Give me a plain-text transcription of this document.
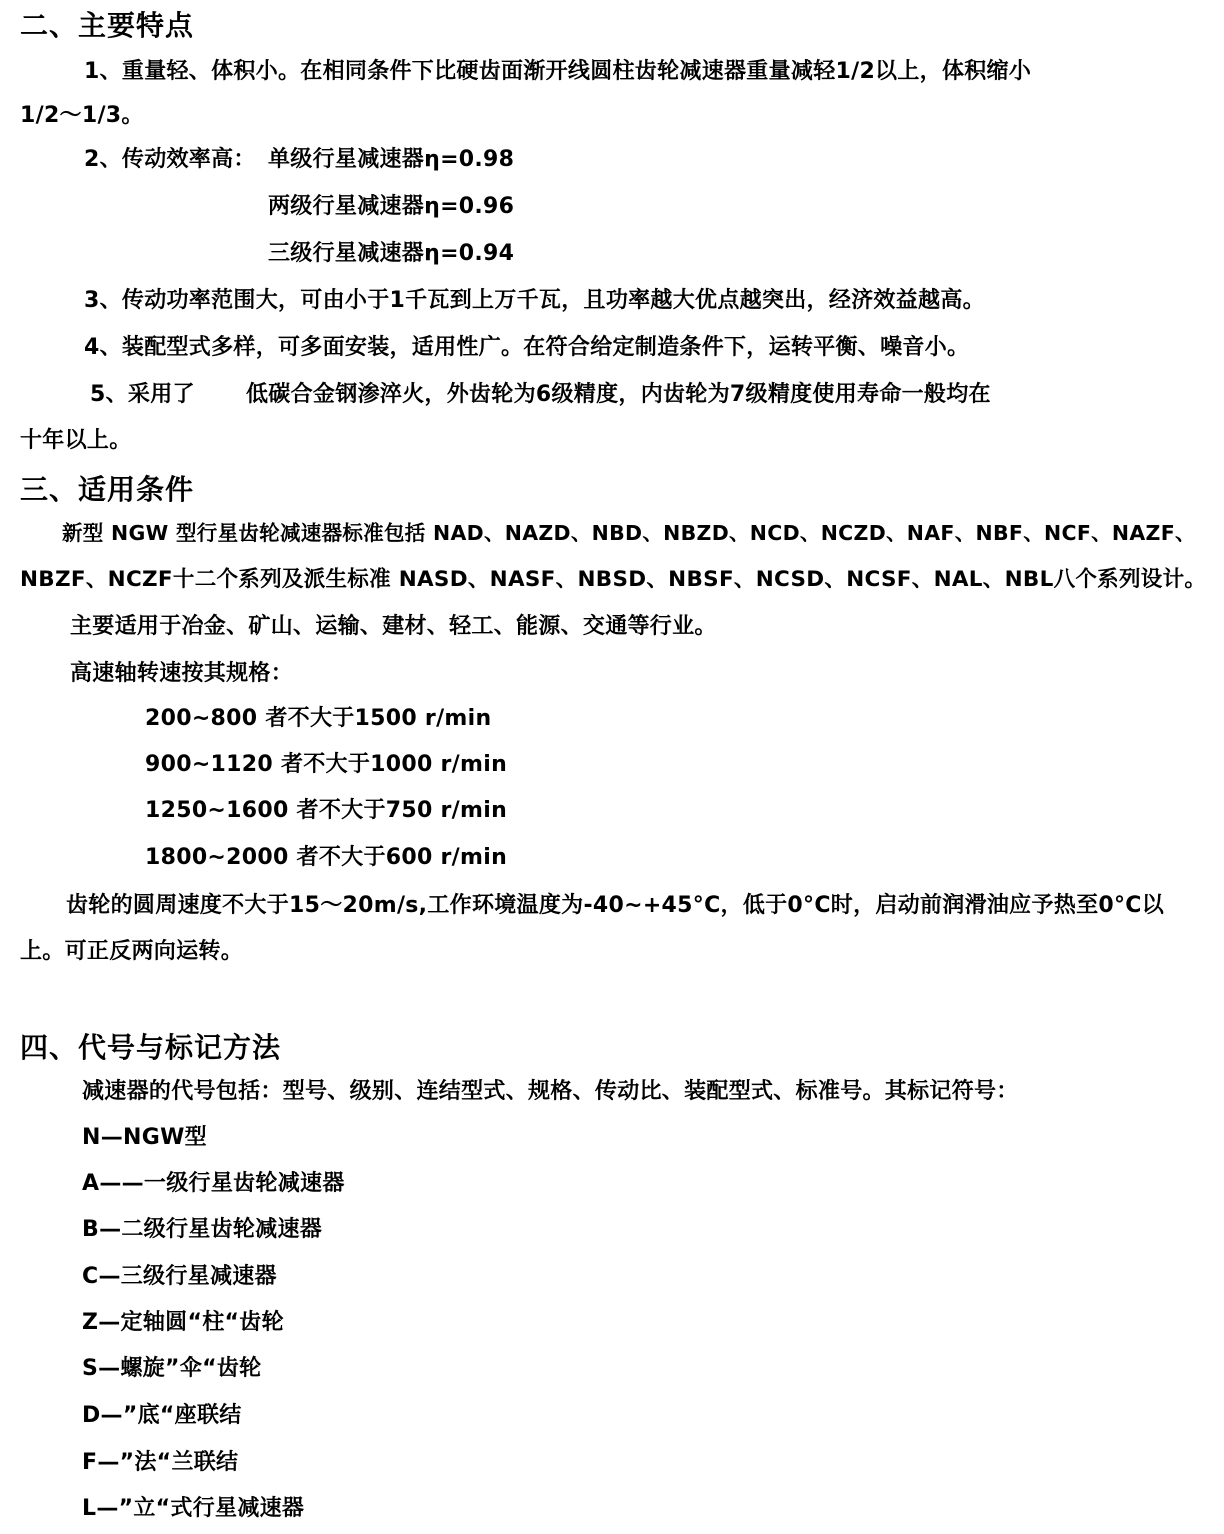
二、主要特点
1、重量轻、体积小。在相同条件下比硬齿面渐开线圆柱齿轮减速器重量减轻1/2以上，体积缩小
1/2～1/3。
2、传动效率高： 单级行星减速器η=0.98
两级行星减速器η=0.96
三级行星减速器η=0.94
3、传动功率范围大，可由小于1千瓦到上万千瓦，且功率越大优点越突出，经济效益越高。
4、装配型式多样，可多面安装，适用性广。在符合给定制造条件下，运转平衡、噪音小。
5、采用了 低碳合金钢渗淬火，外齿轮为6级精度，内齿轮为7级精度使用寿命一般均在
十年以上。
三、适用条件
新型 NGW 型行星齿轮减速器标准包括 NAD、NAZD、NBD、NBZD、NCD、NCZD、NAF、NBF、NCF、NAZF、
NBZF、NCZF十二个系列及派生标准 NASD、NASF、NBSD、NBSF、NCSD、NCSF、NAL、NBL八个系列设计。
主要适用于冶金、矿山、运输、建材、轻工、能源、交通等行业。
高速轴转速按其规格：
200~800 者不大于1500 r/min
900~1120 者不大于1000 r/min
1250~1600 者不大于750 r/min
1800~2000 者不大于600 r/min
齿轮的圆周速度不大于15～20m/s,工作环境温度为-40~+45°C，低于0°C时，启动前润滑油应予热至0°C以
上。可正反两向运转。
四、代号与标记方法
减速器的代号包括：型号、级别、连结型式、规格、传动比、装配型式、标准号。其标记符号：
N—NGW型
A——一级行星齿轮减速器
B—二级行星齿轮减速器
C—三级行星减速器
Z—定轴圆“柱“齿轮
S—螺旋”伞“齿轮
D—”底“座联结
F—”法“兰联结
L—”立“式行星减速器
